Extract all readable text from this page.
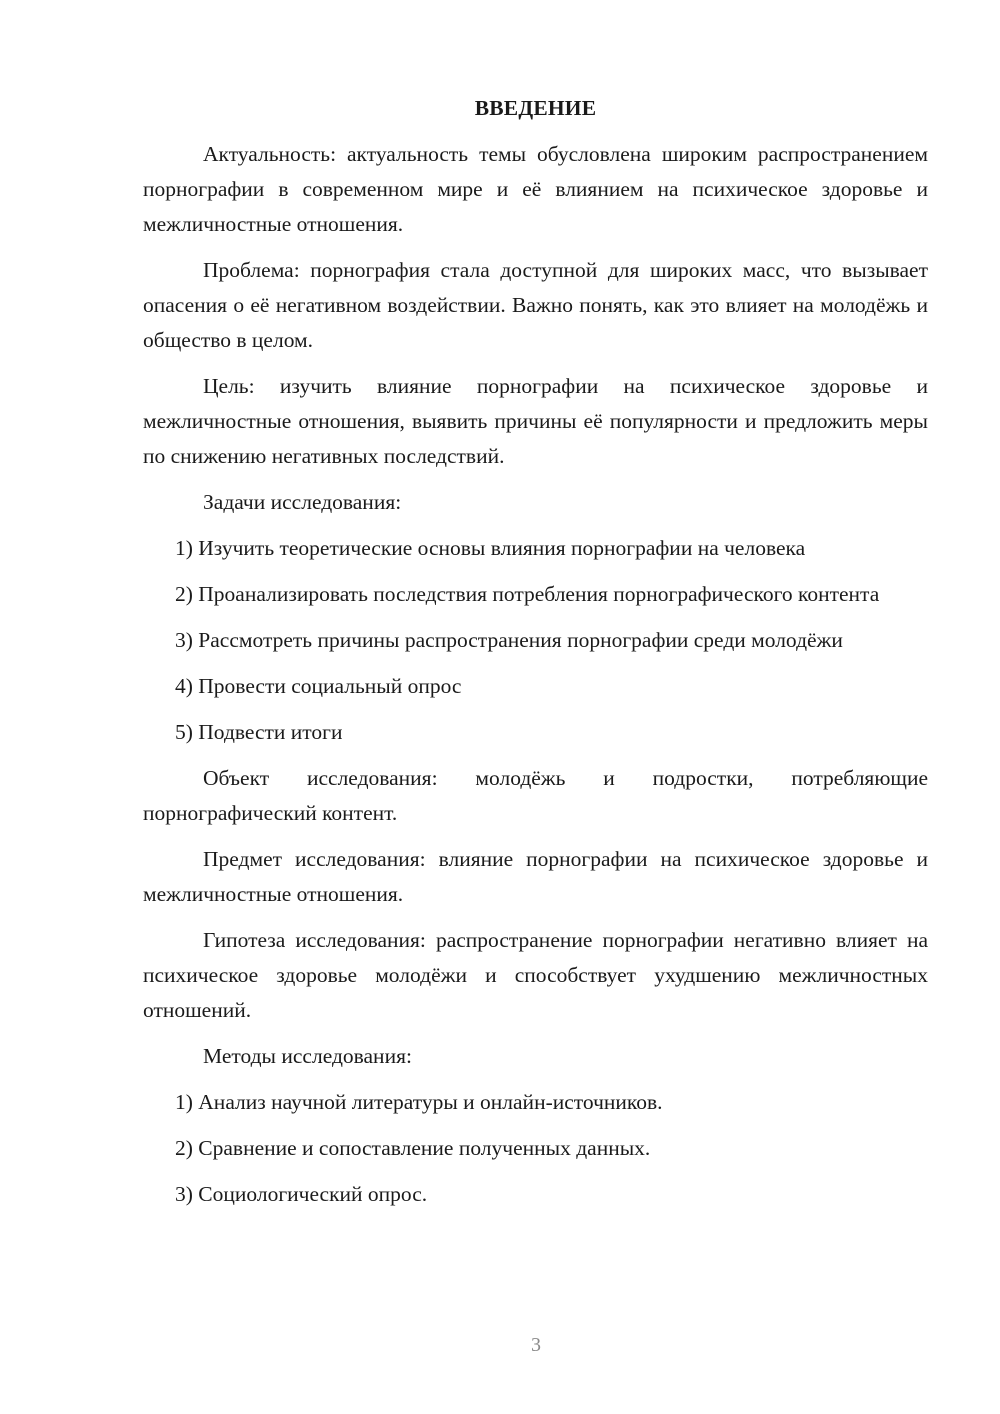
ВВЕДЕНИЕ

Актуальность: актуальность темы обусловлена широким распространением порнографии в современном мире и её влиянием на психическое здоровье и межличностные отношения.

Проблема: порнография стала доступной для широких масс, что вызывает опасения о её негативном воздействии. Важно понять, как это влияет на молодёжь и общество в целом.

Цель: изучить влияние порнографии на психическое здоровье и межличностные отношения, выявить причины её популярности и предложить меры по снижению негативных последствий.

Задачи исследования:

1) Изучить теоретические основы влияния порнографии на человека

2) Проанализировать последствия потребления порнографического контента

3) Рассмотреть причины распространения порнографии среди молодёжи

4) Провести социальный опрос

5) Подвести итоги

Объект исследования: молодёжь и подростки, потребляющие порнографический контент.

Предмет исследования: влияние порнографии на психическое здоровье и межличностные отношения.

Гипотеза исследования: распространение порнографии негативно влияет на психическое здоровье молодёжи и способствует ухудшению межличностных отношений.

Методы исследования:

1) Анализ научной литературы и онлайн-источников.

2) Сравнение и сопоставление полученных данных.

3) Социологический опрос.

3
